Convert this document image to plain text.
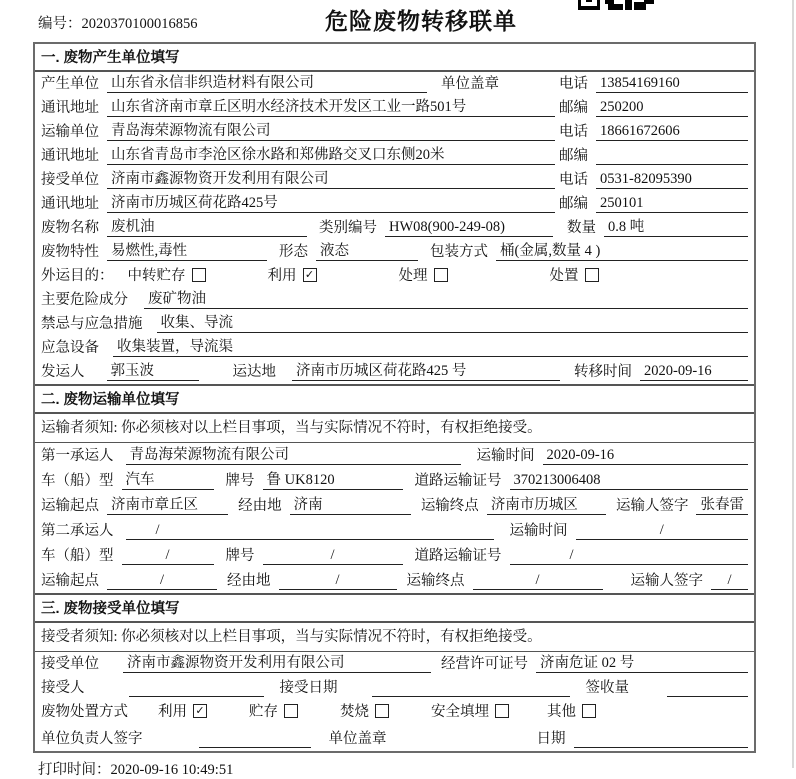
编号：2020370100016856	危险废物转移联单
一. 废物产生单位填写
产生单位 山东省永信非织造材料有限公司	单位盖章	电话 13854169160
通讯地址 山东省济南市章丘区明水经济技术开发区工业一路501号	邮编 250200
运输单位 青岛海荣源物流有限公司	电话 18661672606
通讯地址 山东省青岛市李沧区徐水路和郑佛路交叉口东侧20米	邮编
接受单位 济南市鑫源物资开发利用有限公司	电话 0531-82095390
通讯地址 济南市历城区荷花路425号	邮编 250101
废物名称 废机油	类别编号 HW08(900-249-08)	数量 0.8 吨
废物特性 易燃性,毒性	形态 液态	包装方式 桶(金属,数量 4 )
外运目的： 中转贮存	利用 ✓	处理	处置
主要危险成分	废矿物油
禁忌与应急措施	收集、导流
应急设备	收集装置，导流渠
发运人	郭玉波	运达地	济南市历城区荷花路425 号	转移时间 2020-09-16
二. 废物运输单位填写
运输者须知: 你必须核对以上栏目事项，当与实际情况不符时，有权拒绝接受。
第一承运人	青岛海荣源物流有限公司	运输时间 2020-09-16
车（船）型 汽车	牌号 鲁 UK8120	道路运输证号 370213006408
运输起点 济南市章丘区	经由地 济南	运输终点 济南市历城区	运输人签字 张春雷
第二承运人	/	运输时间	/
车（船）型	/	牌号	/	道路运输证号	/
运输起点	/	经由地	/	运输终点	/	运输人签字	/
三. 废物接受单位填写
接受者须知: 你必须核对以上栏目事项，当与实际情况不符时，有权拒绝接受。
接受单位	济南市鑫源物资开发利用有限公司	经营许可证号 济南危证 02 号
接受人	接受日期	签收量
废物处置方式	利用 ✓	贮存	焚烧	安全填埋	其他
单位负责人签字	单位盖章	日期
打印时间：2020-09-16 10:49:51
